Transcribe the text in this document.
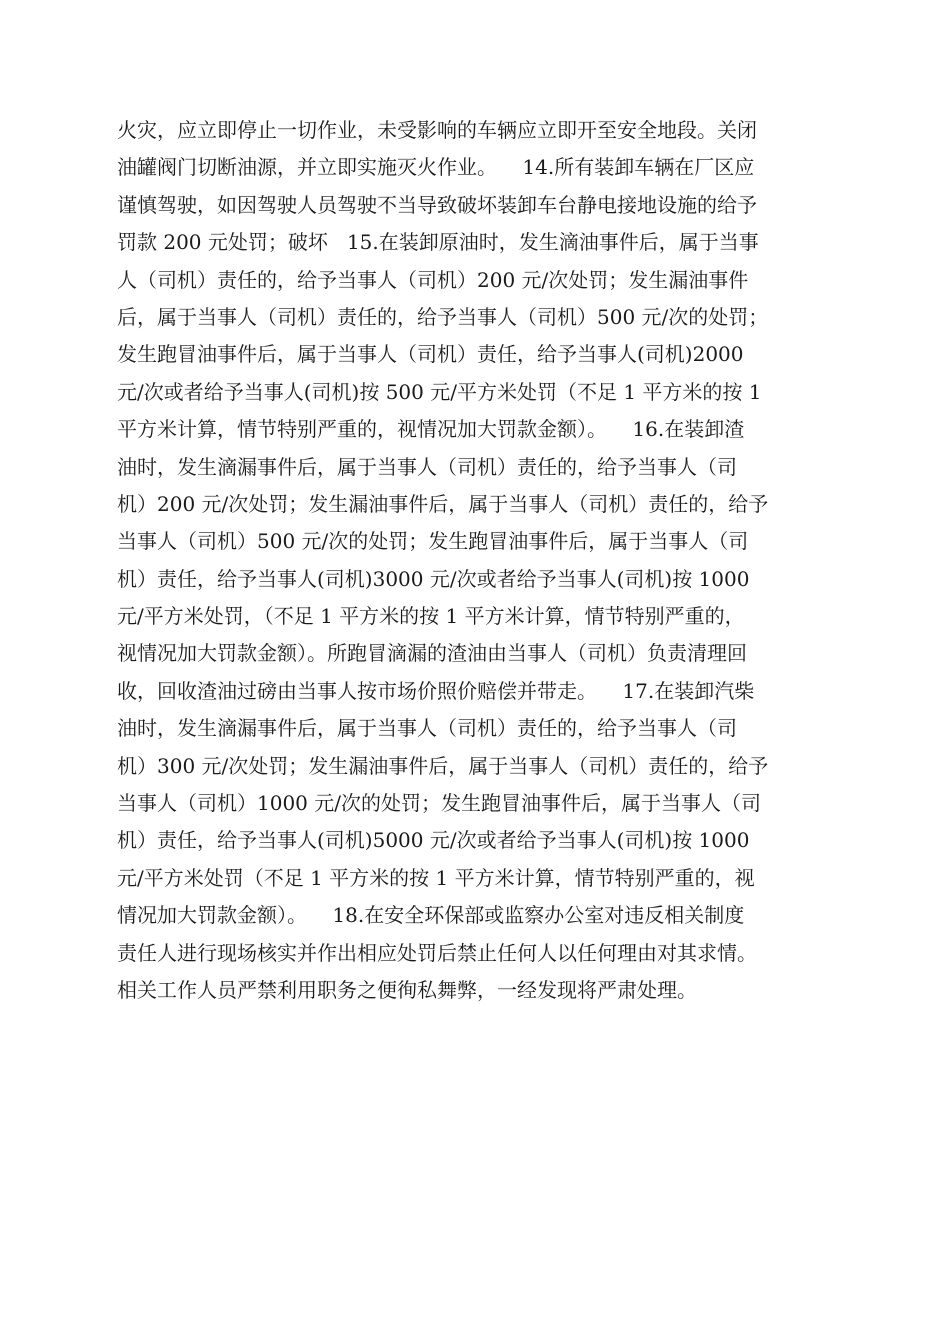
火灾，应立即停止一切作业，未受影响的车辆应立即开至安全地段。关闭
油罐阀门切断油源，并立即实施灭火作业。    14.所有装卸车辆在厂区应
谨慎驾驶，如因驾驶人员驾驶不当导致破坏装卸车台静电接地设施的给予
罚款 200 元处罚；破坏   15.在装卸原油时，发生滴油事件后，属于当事
人（司机）责任的，给予当事人（司机）200 元/次处罚；发生漏油事件
后，属于当事人（司机）责任的，给予当事人（司机）500 元/次的处罚；
发生跑冒油事件后，属于当事人（司机）责任，给予当事人(司机)2000
元/次或者给予当事人(司机)按 500 元/平方米处罚（不足 1 平方米的按 1
平方米计算，情节特别严重的，视情况加大罚款金额）。    16.在装卸渣
油时，发生滴漏事件后，属于当事人（司机）责任的，给予当事人（司
机）200 元/次处罚；发生漏油事件后，属于当事人（司机）责任的，给予
当事人（司机）500 元/次的处罚；发生跑冒油事件后，属于当事人（司
机）责任，给予当事人(司机)3000 元/次或者给予当事人(司机)按 1000
元/平方米处罚，（不足 1 平方米的按 1 平方米计算，情节特别严重的，
视情况加大罚款金额）。所跑冒滴漏的渣油由当事人（司机）负责清理回
收，回收渣油过磅由当事人按市场价照价赔偿并带走。    17.在装卸汽柴
油时，发生滴漏事件后，属于当事人（司机）责任的，给予当事人（司
机）300 元/次处罚；发生漏油事件后，属于当事人（司机）责任的，给予
当事人（司机）1000 元/次的处罚；发生跑冒油事件后，属于当事人（司
机）责任，给予当事人(司机)5000 元/次或者给予当事人(司机)按 1000
元/平方米处罚（不足 1 平方米的按 1 平方米计算，情节特别严重的，视
情况加大罚款金额）。    18.在安全环保部或监察办公室对违反相关制度
责任人进行现场核实并作出相应处罚后禁止任何人以任何理由对其求情。
相关工作人员严禁利用职务之便徇私舞弊，一经发现将严肃处理。
